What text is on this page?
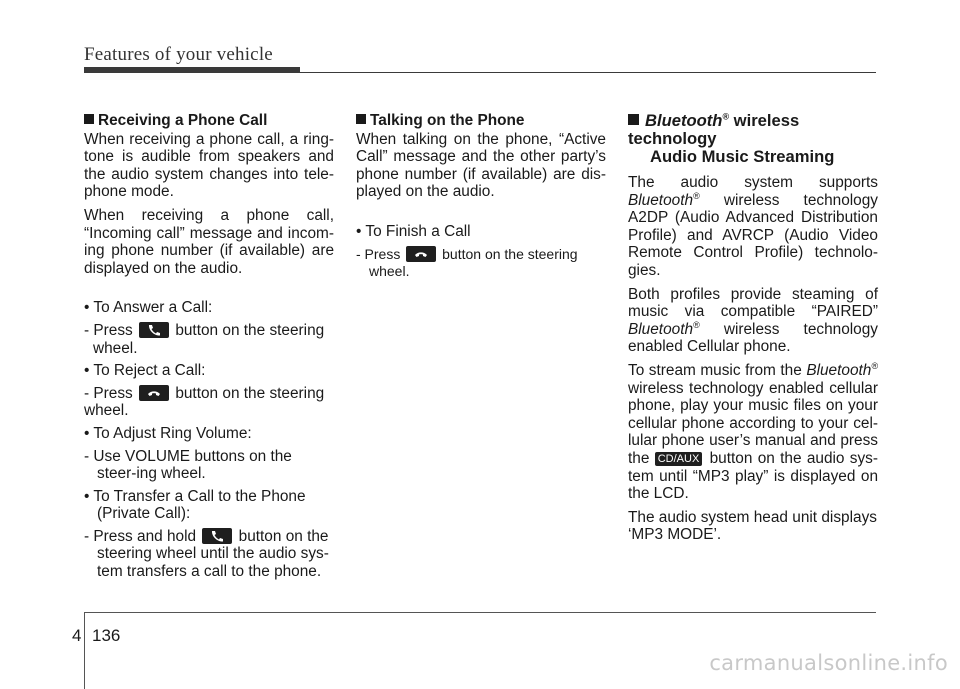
Features of your vehicle
Receiving a Phone Call

When receiving a phone call, a ring-tone is audible from speakers and the audio system changes into tele-phone mode.

When receiving a phone call, “Incoming call” message and incom-ing phone number (if available) are displayed on the audio.

• To Answer a Call:
- Press	button on the steering wheel.
• To Reject a Call:
- Press	button on the steering wheel.
• To Adjust Ring Volume:
- Use VOLUME buttons on the steer-ing wheel.
• To Transfer a Call to the Phone (Private Call):
- Press and hold	button on the steering wheel until the audio sys-tem transfers a call to the phone.
Talking on the Phone

When talking on the phone, “Active Call” message and the other party’s phone number (if available) are dis-played on the audio.

• To Finish a Call
- Press	button on the steering wheel.
Bluetooth® wireless technology
Audio Music Streaming

The audio system supports Bluetooth® wireless technology A2DP (Audio Advanced Distribution Profile) and AVRCP (Audio Video Remote Control Profile) technolo-gies.

Both profiles provide steaming of music via compatible “PAIRED” Bluetooth® wireless technology enabled Cellular phone.

To stream music from the Bluetooth® wireless technology enabled cellular phone, play your music files on your cellular phone according to your cel-lular phone user’s manual and press the CD/AUX button on the audio sys-tem until “MP3 play” is displayed on the LCD.

The audio system head unit displays ‘MP3 MODE’.

4 136
carmanualsonline.info
